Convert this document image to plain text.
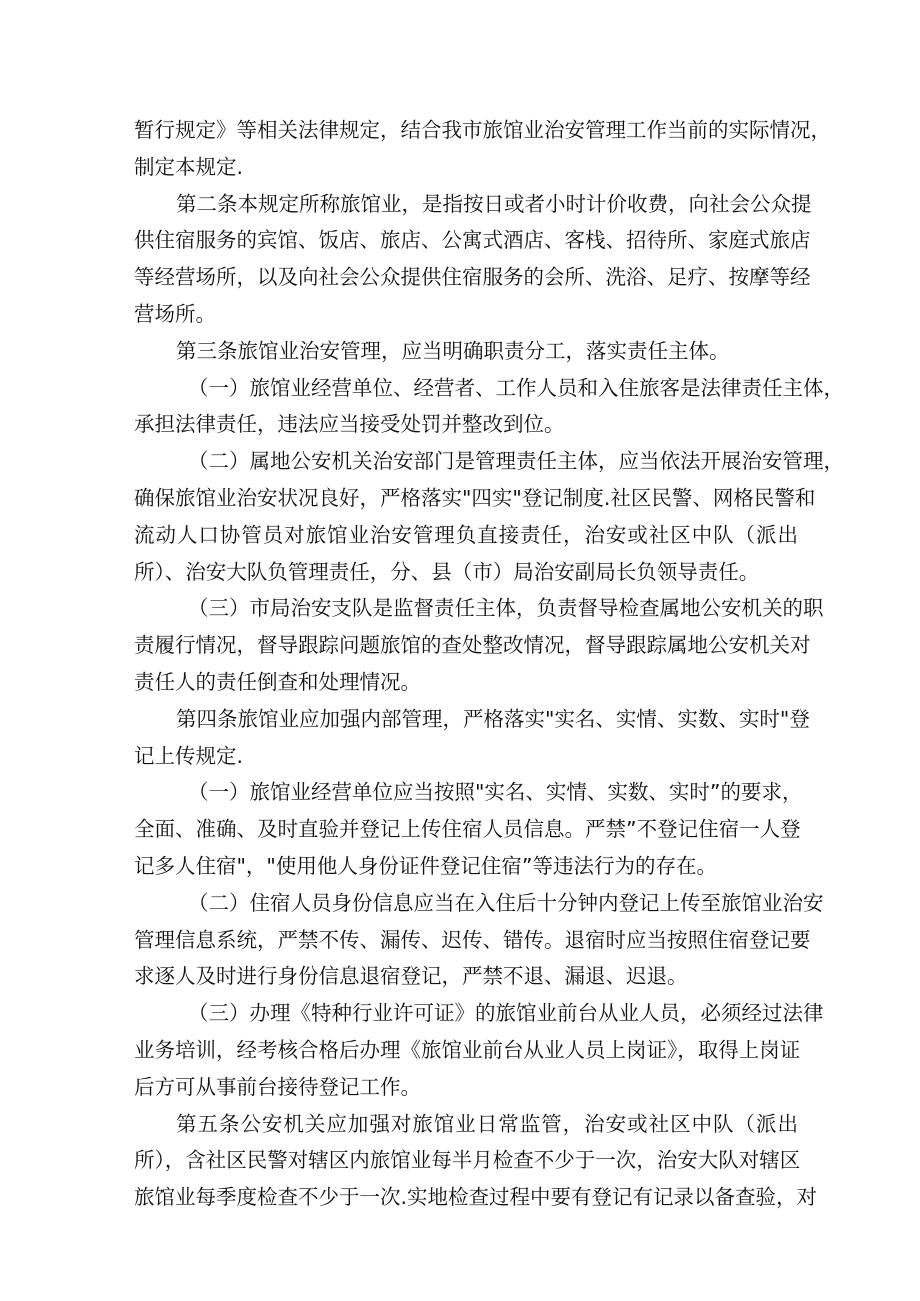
暂行规定》等相关法律规定，结合我市旅馆业治安管理工作当前的实际情况，
制定本规定.
第二条本规定所称旅馆业，是指按日或者小时计价收费，向社会公众提
供住宿服务的宾馆、饭店、旅店、公寓式酒店、客栈、招待所、家庭式旅店
等经营场所，以及向社会公众提供住宿服务的会所、洗浴、足疗、按摩等经
营场所。
第三条旅馆业治安管理，应当明确职责分工，落实责任主体。
（一）旅馆业经营单位、经营者、工作人员和入住旅客是法律责任主体，
承担法律责任，违法应当接受处罚并整改到位。
（二）属地公安机关治安部门是管理责任主体，应当依法开展治安管理，
确保旅馆业治安状况良好，严格落实"四实"登记制度.社区民警、网格民警和
流动人口协管员对旅馆业治安管理负直接责任，治安或社区中队（派出
所）、治安大队负管理责任，分、县（市）局治安副局长负领导责任。
（三）市局治安支队是监督责任主体，负责督导检查属地公安机关的职
责履行情况，督导跟踪问题旅馆的查处整改情况，督导跟踪属地公安机关对
责任人的责任倒查和处理情况。
第四条旅馆业应加强内部管理，严格落实"实名、实情、实数、实时"登
记上传规定.
（一）旅馆业经营单位应当按照"实名、实情、实数、实时”的要求，
全面、准确、及时直验并登记上传住宿人员信息。严禁”不登记住宿一人登
记多人住宿"，"使用他人身份证件登记住宿”等违法行为的存在。
（二）住宿人员身份信息应当在入住后十分钟内登记上传至旅馆业治安
管理信息系统，严禁不传、漏传、迟传、错传。退宿时应当按照住宿登记要
求逐人及时进行身份信息退宿登记，严禁不退、漏退、迟退。
（三）办理《特种行业许可证》的旅馆业前台从业人员，必须经过法律
业务培训，经考核合格后办理《旅馆业前台从业人员上岗证》，取得上岗证
后方可从事前台接待登记工作。
第五条公安机关应加强对旅馆业日常监管，治安或社区中队（派出
所），含社区民警对辖区内旅馆业每半月检查不少于一次，治安大队对辖区
旅馆业每季度检查不少于一次.实地检查过程中要有登记有记录以备查验，对
